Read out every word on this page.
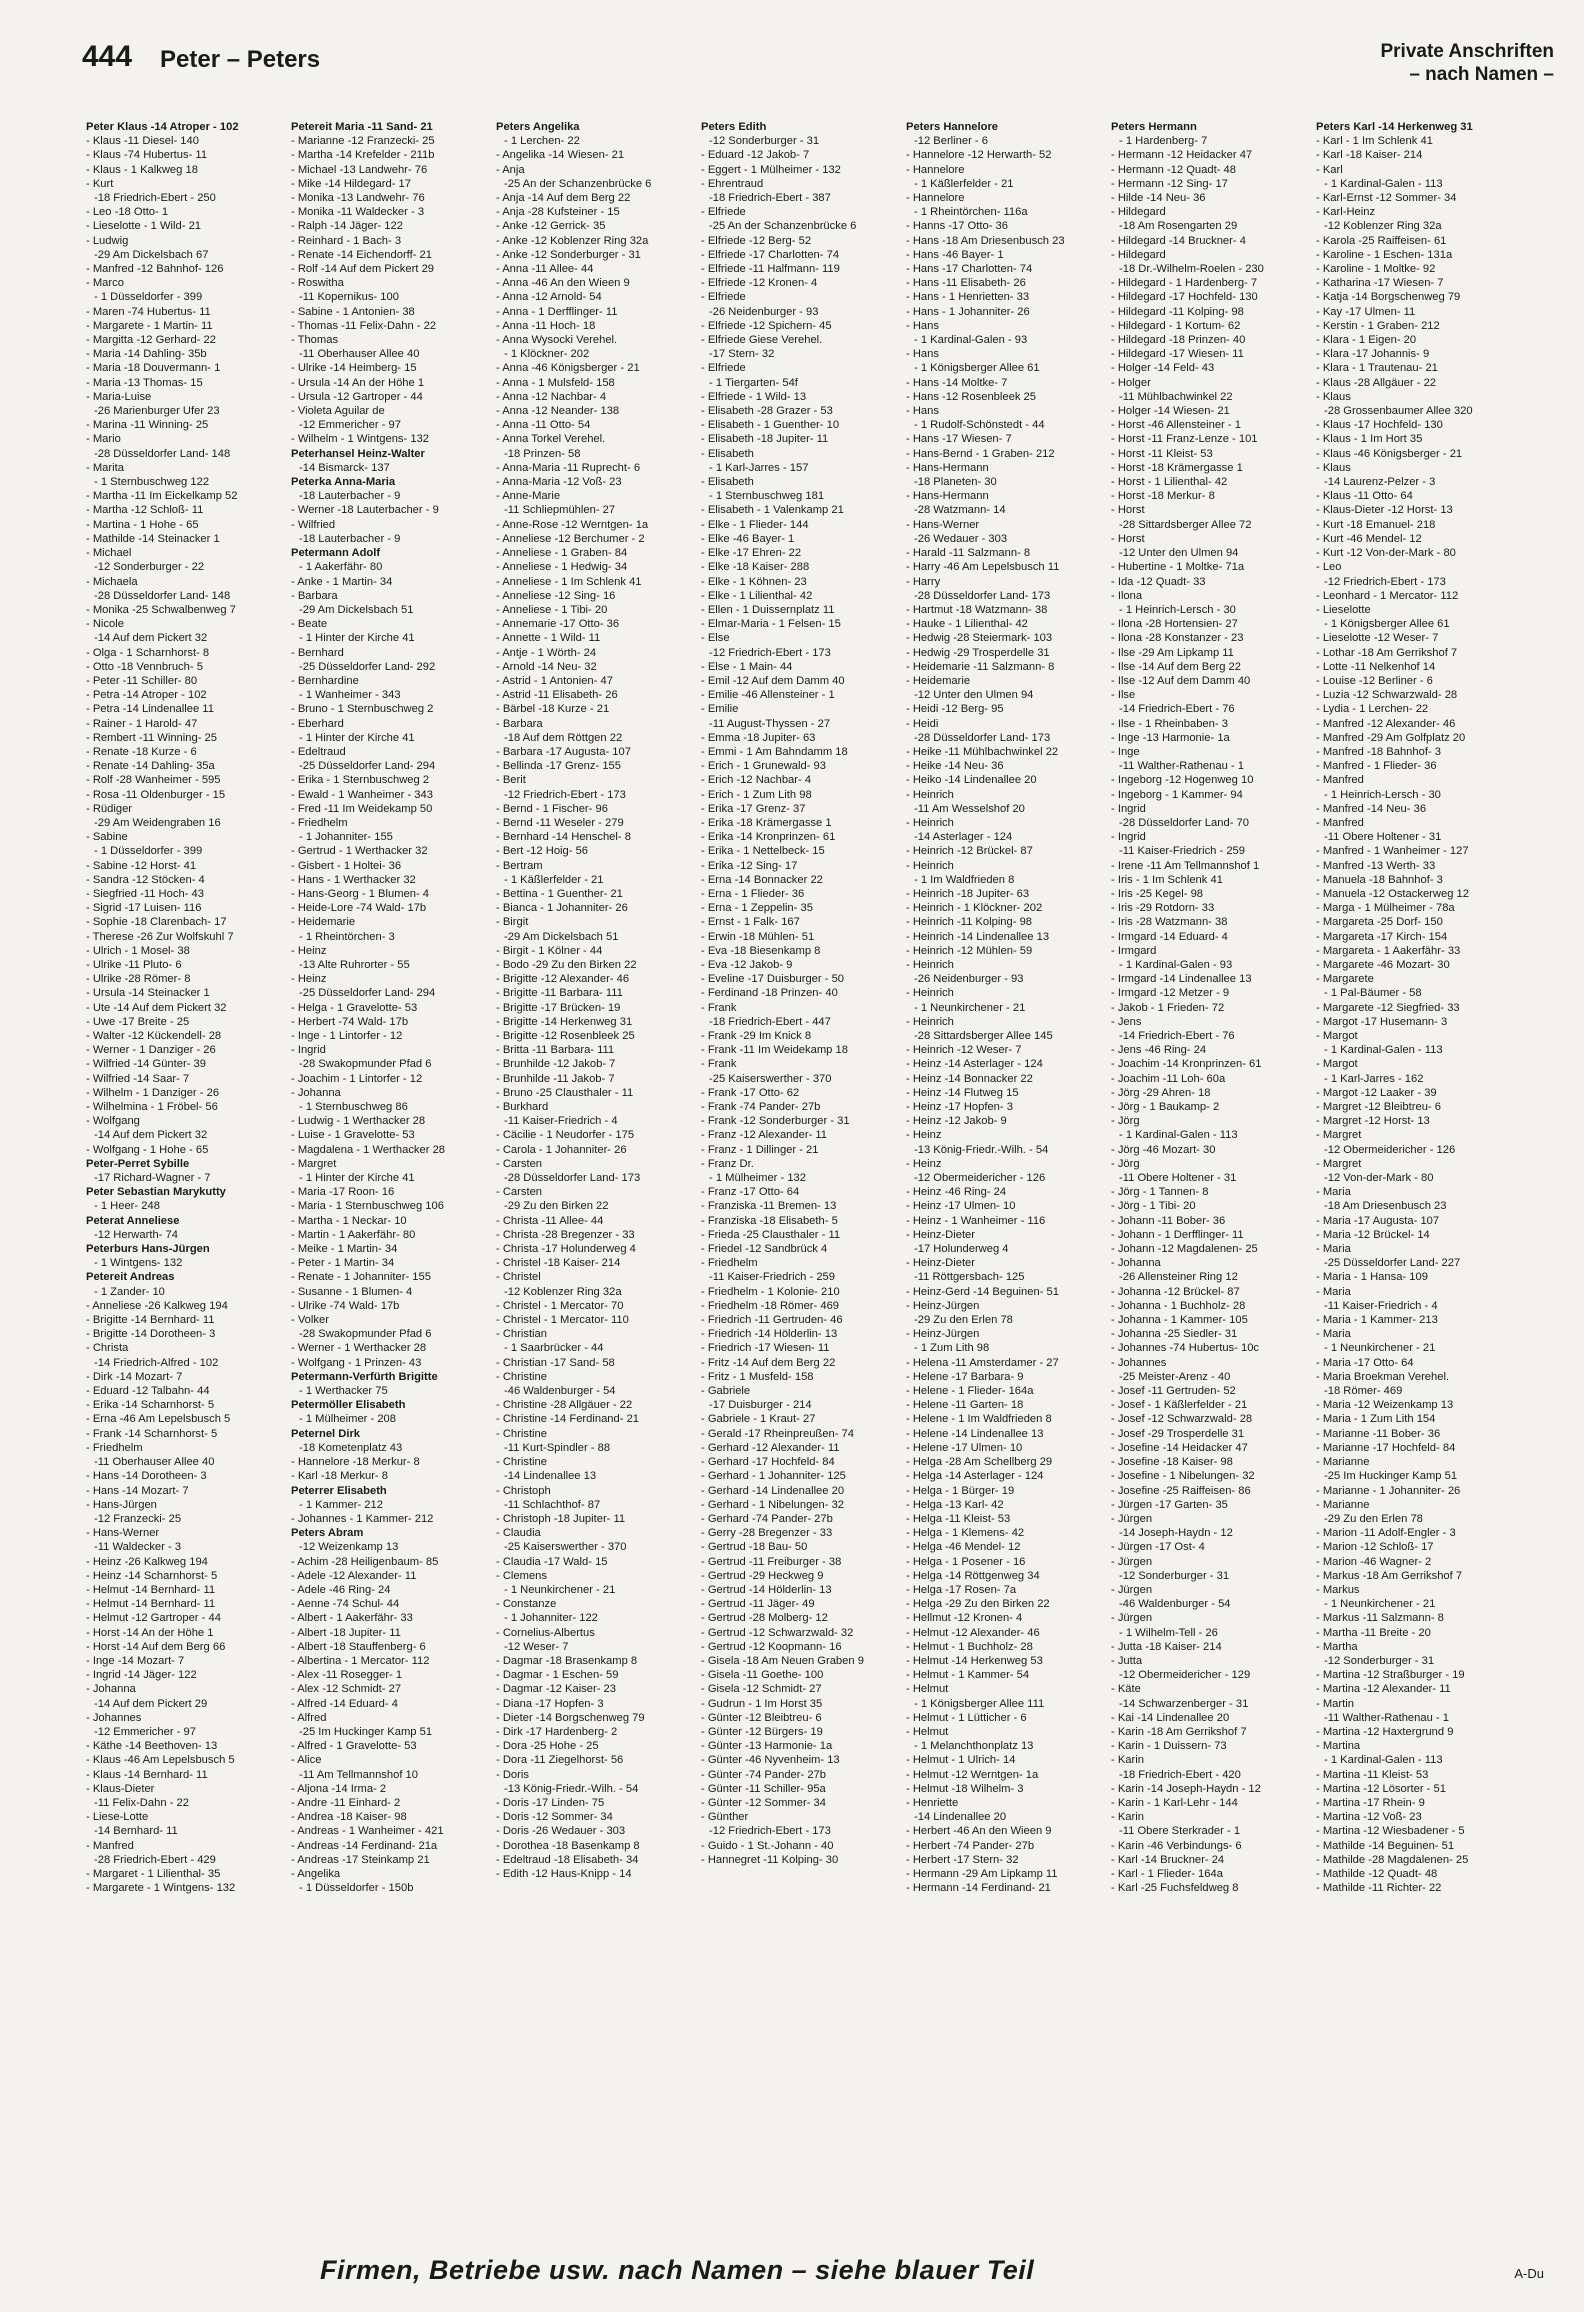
444 Peter – Peters	Private Anschriften
– nach Namen –
Peter Klaus -14 Atroper - 102
- Klaus -11 Diesel- 140
- Klaus -74 Hubertus- 11
- Klaus - 1 Kalkweg 18
- Kurt
-18 Friedrich-Ebert - 250
- Leo -18 Otto- 1
- Lieselotte - 1 Wild- 21
- Ludwig
-29 Am Dickelsbach 67
- Manfred -12 Bahnhof- 126
- Marco
- 1 Düsseldorfer - 399
- Maren -74 Hubertus- 11
- Margarete - 1 Martin- 11
- Margitta -12 Gerhard- 22
- Maria -14 Dahling- 35b
- Maria -18 Douvermann- 1
- Maria -13 Thomas- 15
- Maria-Luise
-26 Marienburger Ufer 23
- Marina -11 Winning- 25
- Mario
-28 Düsseldorfer Land- 148
- Marita
- 1 Sternbuschweg 122
- Martha -11 Im Eickelkamp 52
- Martha -12 Schloß- 11
- Martina - 1 Hohe - 65
- Mathilde -14 Steinacker 1
- Michael
-12 Sonderburger - 22
- Michaela
-28 Düsseldorfer Land- 148
- Monika -25 Schwalbenweg 7
- Nicole
-14 Auf dem Pickert 32
- Olga - 1 Scharnhorst- 8
- Otto -18 Vennbruch- 5
- Peter -11 Schiller- 80
- Petra -14 Atroper - 102
- Petra -14 Lindenallee 11
- Rainer - 1 Harold- 47
- Rembert -11 Winning- 25
- Renate -18 Kurze - 6
- Renate -14 Dahling- 35a
- Rolf -28 Wanheimer - 595
- Rosa -11 Oldenburger - 15
- Rüdiger
-29 Am Weidengraben 16
- Sabine
- 1 Düsseldorfer - 399
- Sabine -12 Horst- 41
- Sandra -12 Stöcken- 4
- Siegfried -11 Hoch- 43
- Sigrid -17 Luisen- 116
- Sophie -18 Clarenbach- 17
- Therese -26 Zur Wolfskuhl 7
- Ulrich - 1 Mosel- 38
- Ulrike -11 Pluto- 6
- Ulrike -28 Römer- 8
- Ursula -14 Steinacker 1
- Ute -14 Auf dem Pickert 32
- Uwe -17 Breite - 25
- Walter -12 Kückendell- 28
- Werner - 1 Danziger - 26
- Wilfried -14 Günter- 39
- Wilfried -14 Saar- 7
- Wilhelm - 1 Danziger - 26
- Wilhelmina - 1 Fröbel- 56
- Wolfgang
-14 Auf dem Pickert 32
- Wolfgang - 1 Hohe - 65
Peter-Perret Sybille
-17 Richard-Wagner - 7
Peter Sebastian Marykutty
- 1 Heer- 248
Peterat Anneliese
-12 Herwarth- 74
Peterburs Hans-Jürgen
- 1 Wintgens- 132
Petereit Andreas
- 1 Zander- 10
- Anneliese -26 Kalkweg 194
- Brigitte -14 Bernhard- 11
- Brigitte -14 Dorotheen- 3
- Christa
-14 Friedrich-Alfred - 102
- Dirk -14 Mozart- 7
- Eduard -12 Talbahn- 44
- Erika -14 Scharnhorst- 5
- Erna -46 Am Lepelsbusch 5
- Frank -14 Scharnhorst- 5
- Friedhelm
-11 Oberhauser Allee 40
- Hans -14 Dorotheen- 3
- Hans -14 Mozart- 7
- Hans-Jürgen
-12 Franzecki- 25
- Hans-Werner
-11 Waldecker - 3
- Heinz -26 Kalkweg 194
- Heinz -14 Scharnhorst- 5
- Helmut -14 Bernhard- 11
- Helmut -14 Bernhard- 11
- Helmut -12 Gartroper - 44
- Horst -14 An der Höhe 1
- Horst -14 Auf dem Berg 66
- Inge -14 Mozart- 7
- Ingrid -14 Jäger- 122
- Johanna
-14 Auf dem Pickert 29
- Johannes
-12 Emmericher - 97
- Käthe -14 Beethoven- 13
- Klaus -46 Am Lepelsbusch 5
- Klaus -14 Bernhard- 11
- Klaus-Dieter
-11 Felix-Dahn - 22
- Liese-Lotte
-14 Bernhard- 11
- Manfred
-28 Friedrich-Ebert - 429
- Margaret - 1 Lilienthal- 35
- Margarete - 1 Wintgens- 132
Petereit Maria -11 Sand- 21
- Marianne -12 Franzecki- 25
- Martha -14 Krefelder - 211b
- Michael -13 Landwehr- 76
- Mike -14 Hildegard- 17
- Monika -13 Landwehr- 76
- Monika -11 Waldecker - 3
- Ralph -14 Jäger- 122
- Reinhard - 1 Bach- 3
- Renate -14 Eichendorff- 21
- Rolf -14 Auf dem Pickert 29
- Roswitha
-11 Kopernikus- 100
- Sabine - 1 Antonien- 38
- Thomas -11 Felix-Dahn - 22
- Thomas
-11 Oberhauser Allee 40
- Ulrike -14 Heimberg- 15
- Ursula -14 An der Höhe 1
- Ursula -12 Gartroper - 44
- Violeta Aguilar de
-12 Emmericher - 97
- Wilhelm - 1 Wintgens- 132
Peterhansel Heinz-Walter
-14 Bismarck- 137
Peterka Anna-Maria
-18 Lauterbacher - 9
- Werner -18 Lauterbacher - 9
- Wilfried
-18 Lauterbacher - 9
Petermann Adolf
- 1 Aakerfähr- 80
- Anke - 1 Martin- 34
- Barbara
-29 Am Dickelsbach 51
- Beate
- 1 Hinter der Kirche 41
- Bernhard
-25 Düsseldorfer Land- 292
- Bernhardine
- 1 Wanheimer - 343
- Bruno - 1 Sternbuschweg 2
- Eberhard
- 1 Hinter der Kirche 41
- Edeltraud
-25 Düsseldorfer Land- 294
- Erika - 1 Sternbuschweg 2
- Ewald - 1 Wanheimer - 343
- Fred -11 Im Weidekamp 50
- Friedhelm
- 1 Johanniter- 155
- Gertrud - 1 Werthacker 32
- Gisbert - 1 Holtei- 36
- Hans - 1 Werthacker 32
- Hans-Georg - 1 Blumen- 4
- Heide-Lore -74 Wald- 17b
- Heidemarie
- 1 Rheintörchen- 3
- Heinz
-13 Alte Ruhrorter - 55
- Heinz
-25 Düsseldorfer Land- 294
- Helga - 1 Gravelotte- 53
- Herbert -74 Wald- 17b
- Inge - 1 Lintorfer - 12
- Ingrid
-28 Swakopmunder Pfad 6
- Joachim - 1 Lintorfer - 12
- Johanna
- 1 Sternbuschweg 86
- Ludwig - 1 Werthacker 28
- Luise - 1 Gravelotte- 53
- Magdalena - 1 Werthacker 28
- Margret
- 1 Hinter der Kirche 41
- Maria -17 Roon- 16
- Maria - 1 Sternbuschweg 106
- Martha - 1 Neckar- 10
- Martin - 1 Aakerfähr- 80
- Meike - 1 Martin- 34
- Peter - 1 Martin- 34
- Renate - 1 Johanniter- 155
- Susanne - 1 Blumen- 4
- Ulrike -74 Wald- 17b
- Volker
-28 Swakopmunder Pfad 6
- Werner - 1 Werthacker 28
- Wolfgang - 1 Prinzen- 43
Petermann-Verfürth Brigitte
- 1 Werthacker 75
Petermöller Elisabeth
- 1 Mülheimer - 208
Peternel Dirk
-18 Kometenplatz 43
- Hannelore -18 Merkur- 8
- Karl -18 Merkur- 8
Peterrer Elisabeth
- 1 Kammer- 212
- Johannes - 1 Kammer- 212
Peters Abram
-12 Weizenkamp 13
- Achim -28 Heiligenbaum- 85
- Adele -12 Alexander- 11
- Adele -46 Ring- 24
- Aenne -74 Schul- 44
- Albert - 1 Aakerfähr- 33
- Albert -18 Jupiter- 11
- Albert -18 Stauffenberg- 6
- Albertina - 1 Mercator- 112
- Alex -11 Rosegger- 1
- Alex -12 Schmidt- 27
- Alfred -14 Eduard- 4
- Alfred
-25 Im Huckinger Kamp 51
- Alfred - 1 Gravelotte- 53
- Alice
-11 Am Tellmannshof 10
- Aljona -14 Irma- 2
- Andre -11 Einhard- 2
- Andrea -18 Kaiser- 98
- Andreas - 1 Wanheimer - 421
- Andreas -14 Ferdinand- 21a
- Andreas -17 Steinkamp 21
- Angelika
- 1 Düsseldorfer - 150b
Peters Angelika
- 1 Lerchen- 22
- Angelika -14 Wiesen- 21
- Anja
-25 An der Schanzenbrücke 6
- Anja -14 Auf dem Berg 22
- Anja -28 Kufsteiner - 15
- Anke -12 Gerrick- 35
- Anke -12 Koblenzer Ring 32a
- Anke -12 Sonderburger - 31
- Anna -11 Allee- 44
- Anna -46 An den Wieen 9
- Anna -12 Arnold- 54
- Anna - 1 Derfflinger- 11
- Anna -11 Hoch- 18
- Anna Wysocki Verehel.
- 1 Klöckner- 202
- Anna -46 Königsberger - 21
- Anna - 1 Mulsfeld- 158
- Anna -12 Nachbar- 4
- Anna -12 Neander- 138
- Anna -11 Otto- 54
- Anna Torkel Verehel.
-18 Prinzen- 58
- Anna-Maria -11 Ruprecht- 6
- Anna-Maria -12 Voß- 23
- Anne-Marie
-11 Schliepmühlen- 27
- Anne-Rose -12 Werntgen- 1a
- Anneliese -12 Berchumer - 2
- Anneliese - 1 Graben- 84
- Anneliese - 1 Hedwig- 34
- Anneliese - 1 Im Schlenk 41
- Anneliese -12 Sing- 16
- Anneliese - 1 Tibi- 20
- Annemarie -17 Otto- 36
- Annette - 1 Wild- 11
- Antje - 1 Wörth- 24
- Arnold -14 Neu- 32
- Astrid - 1 Antonien- 47
- Astrid -11 Elisabeth- 26
- Bärbel -18 Kurze - 21
- Barbara
-18 Auf dem Röttgen 22
- Barbara -17 Augusta- 107
- Bellinda -17 Grenz- 155
- Berit
-12 Friedrich-Ebert - 173
- Bernd - 1 Fischer- 96
- Bernd -11 Weseler - 279
- Bernhard -14 Henschel- 8
- Bert -12 Hoig- 56
- Bertram
- 1 Käßlerfelder - 21
- Bettina - 1 Guenther- 21
- Bianca - 1 Johanniter- 26
- Birgit
-29 Am Dickelsbach 51
- Birgit - 1 Kölner - 44
- Bodo -29 Zu den Birken 22
- Brigitte -12 Alexander- 46
- Brigitte -11 Barbara- 111
- Brigitte -17 Brücken- 19
- Brigitte -14 Herkenweg 31
- Brigitte -12 Rosenbleek 25
- Britta -11 Barbara- 111
- Brunhilde -12 Jakob- 7
- Brunhilde -11 Jakob- 7
- Bruno -25 Clausthaler - 11
- Burkhard
-11 Kaiser-Friedrich - 4
- Cäcilie - 1 Neudorfer - 175
- Carola - 1 Johanniter- 26
- Carsten
-28 Düsseldorfer Land- 173
- Carsten
-29 Zu den Birken 22
- Christa -11 Allee- 44
- Christa -28 Bregenzer - 33
- Christa -17 Holunderweg 4
- Christel -18 Kaiser- 214
- Christel
-12 Koblenzer Ring 32a
- Christel - 1 Mercator- 70
- Christel - 1 Mercator- 110
- Christian
- 1 Saarbrücker - 44
- Christian -17 Sand- 58
- Christine
-46 Waldenburger - 54
- Christine -28 Allgäuer - 22
- Christine -14 Ferdinand- 21
- Christine
-11 Kurt-Spindler - 88
- Christine
-14 Lindenallee 13
- Christoph
-11 Schlachthof- 87
- Christoph -18 Jupiter- 11
- Claudia
-25 Kaiserswerther - 370
- Claudia -17 Wald- 15
- Clemens
- 1 Neunkirchener - 21
- Constanze
- 1 Johanniter- 122
- Cornelius-Albertus
-12 Weser- 7
- Dagmar -18 Brasenkamp 8
- Dagmar - 1 Eschen- 59
- Dagmar -12 Kaiser- 23
- Diana -17 Hopfen- 3
- Dieter -14 Borgschenweg 79
- Dirk -17 Hardenberg- 2
- Dora -25 Hohe - 25
- Dora -11 Ziegelhorst- 56
- Doris
-13 König-Friedr.-Wilh. - 54
- Doris -17 Linden- 75
- Doris -12 Sommer- 34
- Doris -26 Wedauer - 303
- Dorothea -18 Basenkamp 8
- Edeltraud -18 Elisabeth- 34
- Edith -12 Haus-Knipp - 14
Peters Edith
-12 Sonderburger - 31
- Eduard -12 Jakob- 7
- Eggert - 1 Mülheimer - 132
- Ehrentraud
-18 Friedrich-Ebert - 387
- Elfriede
-25 An der Schanzenbrücke 6
- Elfriede -12 Berg- 52
- Elfriede -17 Charlotten- 74
- Elfriede -11 Halfmann- 119
- Elfriede -12 Kronen- 4
- Elfriede
-26 Neidenburger - 93
- Elfriede -12 Spichern- 45
- Elfriede Giese Verehel.
-17 Stern- 32
- Elfriede
- 1 Tiergarten- 54f
- Elfriede - 1 Wild- 13
- Elisabeth -28 Grazer - 53
- Elisabeth - 1 Guenther- 10
- Elisabeth -18 Jupiter- 11
- Elisabeth
- 1 Karl-Jarres - 157
- Elisabeth
- 1 Sternbuschweg 181
- Elisabeth - 1 Valenkamp 21
- Elke - 1 Flieder- 144
- Elke -46 Bayer- 1
- Elke -17 Ehren- 22
- Elke -18 Kaiser- 288
- Elke - 1 Köhnen- 23
- Elke - 1 Lilienthal- 42
- Ellen - 1 Duissernplatz 11
- Elmar-Maria - 1 Felsen- 15
- Else
-12 Friedrich-Ebert - 173
- Else - 1 Main- 44
- Emil -12 Auf dem Damm 40
- Emilie -46 Allensteiner - 1
- Emilie
-11 August-Thyssen - 27
- Emma -18 Jupiter- 63
- Emmi - 1 Am Bahndamm 18
- Erich - 1 Grunewald- 93
- Erich -12 Nachbar- 4
- Erich - 1 Zum Lith 98
- Erika -17 Grenz- 37
- Erika -18 Krämergasse 1
- Erika -14 Kronprinzen- 61
- Erika - 1 Nettelbeck- 15
- Erika -12 Sing- 17
- Erna -14 Bonnacker 22
- Erna - 1 Flieder- 36
- Erna - 1 Zeppelin- 35
- Ernst - 1 Falk- 167
- Erwin -18 Mühlen- 51
- Eva -18 Biesenkamp 8
- Eva -12 Jakob- 9
- Eveline -17 Duisburger - 50
- Ferdinand -18 Prinzen- 40
- Frank
-18 Friedrich-Ebert - 447
- Frank -29 Im Knick 8
- Frank -11 Im Weidekamp 18
- Frank
-25 Kaiserswerther - 370
- Frank -17 Otto- 62
- Frank -74 Pander- 27b
- Frank -12 Sonderburger - 31
- Franz -12 Alexander- 11
- Franz - 1 Dillinger - 21
- Franz Dr.
- 1 Mülheimer - 132
- Franz -17 Otto- 64
- Franziska -11 Bremen- 13
- Franziska -18 Elisabeth- 5
- Frieda -25 Clausthaler - 11
- Friedel -12 Sandbrück 4
- Friedhelm
-11 Kaiser-Friedrich - 259
- Friedhelm - 1 Kolonie- 210
- Friedhelm -18 Römer- 469
- Friedrich -11 Gertruden- 46
- Friedrich -14 Hölderlin- 13
- Friedrich -17 Wiesen- 11
- Fritz -14 Auf dem Berg 22
- Fritz - 1 Musfeld- 158
- Gabriele
-17 Duisburger - 214
- Gabriele - 1 Kraut- 27
- Gerald -17 Rheinpreußen- 74
- Gerhard -12 Alexander- 11
- Gerhard -17 Hochfeld- 84
- Gerhard - 1 Johanniter- 125
- Gerhard -14 Lindenallee 20
- Gerhard - 1 Nibelungen- 32
- Gerhard -74 Pander- 27b
- Gerry -28 Bregenzer - 33
- Gertrud -18 Bau- 50
- Gertrud -11 Freiburger - 38
- Gertrud -29 Heckweg 9
- Gertrud -14 Hölderlin- 13
- Gertrud -11 Jäger- 49
- Gertrud -28 Molberg- 12
- Gertrud -12 Schwarzwald- 32
- Gertrud -12 Koopmann- 16
- Gisela -18 Am Neuen Graben 9
- Gisela -11 Goethe- 100
- Gisela -12 Schmidt- 27
- Gudrun - 1 Im Horst 35
- Günter -12 Bleibtreu- 6
- Günter -12 Bürgers- 19
- Günter -13 Harmonie- 1a
- Günter -46 Nyvenheim- 13
- Günter -74 Pander- 27b
- Günter -11 Schiller- 95a
- Günter -12 Sommer- 34
- Günther
-12 Friedrich-Ebert - 173
- Guido - 1 St.-Johann - 40
- Hannegret -11 Kolping- 30
Peters Hannelore
-12 Berliner - 6
- Hannelore -12 Herwarth- 52
- Hannelore
- 1 Käßlerfelder - 21
- Hannelore
- 1 Rheintörchen- 116a
- Hanns -17 Otto- 36
- Hans -18 Am Driesenbusch 23
- Hans -46 Bayer- 1
- Hans -17 Charlotten- 74
- Hans -11 Elisabeth- 26
- Hans - 1 Henrietten- 33
- Hans - 1 Johanniter- 26
- Hans
- 1 Kardinal-Galen - 93
- Hans
- 1 Königsberger Allee 61
- Hans -14 Moltke- 7
- Hans -12 Rosenbleek 25
- Hans
- 1 Rudolf-Schönstedt - 44
- Hans -17 Wiesen- 7
- Hans-Bernd - 1 Graben- 212
- Hans-Hermann
-18 Planeten- 30
- Hans-Hermann
-28 Watzmann- 14
- Hans-Werner
-26 Wedauer - 303
- Harald -11 Salzmann- 8
- Harry -46 Am Lepelsbusch 11
- Harry
-28 Düsseldorfer Land- 173
- Hartmut -18 Watzmann- 38
- Hauke - 1 Lilienthal- 42
- Hedwig -28 Steiermark- 103
- Hedwig -29 Trosperdelle 31
- Heidemarie -11 Salzmann- 8
- Heidemarie
-12 Unter den Ulmen 94
- Heidi -12 Berg- 95
- Heidi
-28 Düsseldorfer Land- 173
- Heike -11 Mühlbachwinkel 22
- Heike -14 Neu- 36
- Heiko -14 Lindenallee 20
- Heinrich
-11 Am Wesselshof 20
- Heinrich
-14 Asterlager - 124
- Heinrich -12 Brückel- 87
- Heinrich
- 1 Im Waldfrieden 8
- Heinrich -18 Jupiter- 63
- Heinrich - 1 Klöckner- 202
- Heinrich -11 Kolping- 98
- Heinrich -14 Lindenallee 13
- Heinrich -12 Mühlen- 59
- Heinrich
-26 Neidenburger - 93
- Heinrich
- 1 Neunkirchener - 21
- Heinrich
-28 Sittardsberger Allee 145
- Heinrich -12 Weser- 7
- Heinz -14 Asterlager - 124
- Heinz -14 Bonnacker 22
- Heinz -14 Flutweg 15
- Heinz -17 Hopfen- 3
- Heinz -12 Jakob- 9
- Heinz
-13 König-Friedr.-Wilh. - 54
- Heinz
-12 Obermeidericher - 126
- Heinz -46 Ring- 24
- Heinz -17 Ulmen- 10
- Heinz - 1 Wanheimer - 116
- Heinz-Dieter
-17 Holunderweg 4
- Heinz-Dieter
-11 Röttgersbach- 125
- Heinz-Gerd -14 Beguinen- 51
- Heinz-Jürgen
-29 Zu den Erlen 78
- Heinz-Jürgen
- 1 Zum Lith 98
- Helena -11 Amsterdamer - 27
- Helene -17 Barbara- 9
- Helene - 1 Flieder- 164a
- Helene -11 Garten- 18
- Helene - 1 Im Waldfrieden 8
- Helene -14 Lindenallee 13
- Helene -17 Ulmen- 10
- Helga -28 Am Schellberg 29
- Helga -14 Asterlager - 124
- Helga - 1 Bürger- 19
- Helga -13 Karl- 42
- Helga -11 Kleist- 53
- Helga - 1 Klemens- 42
- Helga -46 Mendel- 12
- Helga - 1 Posener - 16
- Helga -14 Röttgenweg 34
- Helga -17 Rosen- 7a
- Helga -29 Zu den Birken 22
- Hellmut -12 Kronen- 4
- Helmut -12 Alexander- 46
- Helmut - 1 Buchholz- 28
- Helmut -14 Herkenweg 53
- Helmut - 1 Kammer- 54
- Helmut
- 1 Königsberger Allee 111
- Helmut - 1 Lütticher - 6
- Helmut
- 1 Melanchthonplatz 13
- Helmut - 1 Ulrich- 14
- Helmut -12 Werntgen- 1a
- Helmut -18 Wilhelm- 3
- Henriette
-14 Lindenallee 20
- Herbert -46 An den Wieen 9
- Herbert -74 Pander- 27b
- Herbert -17 Stern- 32
- Hermann -29 Am Lipkamp 11
- Hermann -14 Ferdinand- 21
Peters Hermann
- 1 Hardenberg- 7
- Hermann -12 Heidacker 47
- Hermann -12 Quadt- 48
- Hermann -12 Sing- 17
- Hilde -14 Neu- 36
- Hildegard
-18 Am Rosengarten 29
- Hildegard -14 Bruckner- 4
- Hildegard
-18 Dr.-Wilhelm-Roelen - 230
- Hildegard - 1 Hardenberg- 7
- Hildegard -17 Hochfeld- 130
- Hildegard -11 Kolping- 98
- Hildegard - 1 Kortum- 62
- Hildegard -18 Prinzen- 40
- Hildegard -17 Wiesen- 11
- Holger -14 Feld- 43
- Holger
-11 Mühlbachwinkel 22
- Holger -14 Wiesen- 21
- Horst -46 Allensteiner - 1
- Horst -11 Franz-Lenze - 101
- Horst -11 Kleist- 53
- Horst -18 Krämergasse 1
- Horst - 1 Lilienthal- 42
- Horst -18 Merkur- 8
- Horst
-28 Sittardsberger Allee 72
- Horst
-12 Unter den Ulmen 94
- Hubertine - 1 Moltke- 71a
- Ida -12 Quadt- 33
- Ilona
- 1 Heinrich-Lersch - 30
- Ilona -28 Hortensien- 27
- Ilona -28 Konstanzer - 23
- Ilse -29 Am Lipkamp 11
- Ilse -14 Auf dem Berg 22
- Ilse -12 Auf dem Damm 40
- Ilse
-14 Friedrich-Ebert - 76
- Ilse - 1 Rheinbaben- 3
- Inge -13 Harmonie- 1a
- Inge
-11 Walther-Rathenau - 1
- Ingeborg -12 Hogenweg 10
- Ingeborg - 1 Kammer- 94
- Ingrid
-28 Düsseldorfer Land- 70
- Ingrid
-11 Kaiser-Friedrich - 259
- Irene -11 Am Tellmannshof 1
- Iris - 1 Im Schlenk 41
- Iris -25 Kegel- 98
- Iris -29 Rotdorn- 33
- Iris -28 Watzmann- 38
- Irmgard -14 Eduard- 4
- Irmgard
- 1 Kardinal-Galen - 93
- Irmgard -14 Lindenallee 13
- Irmgard -12 Metzer - 9
- Jakob - 1 Frieden- 72
- Jens
-14 Friedrich-Ebert - 76
- Jens -46 Ring- 24
- Joachim -14 Kronprinzen- 61
- Joachim -11 Loh- 60a
- Jörg -29 Ahren- 18
- Jörg - 1 Baukamp- 2
- Jörg
- 1 Kardinal-Galen - 113
- Jörg -46 Mozart- 30
- Jörg
-11 Obere Holtener - 31
- Jörg - 1 Tannen- 8
- Jörg - 1 Tibi- 20
- Johann -11 Bober- 36
- Johann - 1 Derfflinger- 11
- Johann -12 Magdalenen- 25
- Johanna
-26 Allensteiner Ring 12
- Johanna -12 Brückel- 87
- Johanna - 1 Buchholz- 28
- Johanna - 1 Kammer- 105
- Johanna -25 Siedler- 31
- Johannes -74 Hubertus- 10c
- Johannes
-25 Meister-Arenz - 40
- Josef -11 Gertruden- 52
- Josef - 1 Käßlerfelder - 21
- Josef -12 Schwarzwald- 28
- Josef -29 Trosperdelle 31
- Josefine -14 Heidacker 47
- Josefine -18 Kaiser- 98
- Josefine - 1 Nibelungen- 32
- Josefine -25 Raiffeisen- 86
- Jürgen -17 Garten- 35
- Jürgen
-14 Joseph-Haydn - 12
- Jürgen -17 Ost- 4
- Jürgen
-12 Sonderburger - 31
- Jürgen
-46 Waldenburger - 54
- Jürgen
- 1 Wilhelm-Tell - 26
- Jutta -18 Kaiser- 214
- Jutta
-12 Obermeidericher - 129
- Käte
-14 Schwarzenberger - 31
- Kai -14 Lindenallee 20
- Karin -18 Am Gerrikshof 7
- Karin - 1 Duissern- 73
- Karin
-18 Friedrich-Ebert - 420
- Karin -14 Joseph-Haydn - 12
- Karin - 1 Karl-Lehr - 144
- Karin
-11 Obere Sterkrader - 1
- Karin -46 Verbindungs- 6
- Karl -14 Bruckner- 24
- Karl - 1 Flieder- 164a
- Karl -25 Fuchsfeldweg 8
Peters Karl -14 Herkenweg 31
- Karl - 1 Im Schlenk 41
- Karl -18 Kaiser- 214
- Karl
- 1 Kardinal-Galen - 113
- Karl-Ernst -12 Sommer- 34
- Karl-Heinz
-12 Koblenzer Ring 32a
- Karola -25 Raiffeisen- 61
- Karoline - 1 Eschen- 131a
- Karoline - 1 Moltke- 92
- Katharina -17 Wiesen- 7
- Katja -14 Borgschenweg 79
- Kay -17 Ulmen- 11
- Kerstin - 1 Graben- 212
- Klara - 1 Eigen- 20
- Klara -17 Johannis- 9
- Klara - 1 Trautenau- 21
- Klaus -28 Allgäuer - 22
- Klaus
-28 Grossenbaumer Allee 320
- Klaus -17 Hochfeld- 130
- Klaus - 1 Im Hort 35
- Klaus -46 Königsberger - 21
- Klaus
-14 Laurenz-Pelzer - 3
- Klaus -11 Otto- 64
- Klaus-Dieter -12 Horst- 13
- Kurt -18 Emanuel- 218
- Kurt -46 Mendel- 12
- Kurt -12 Von-der-Mark - 80
- Leo
-12 Friedrich-Ebert - 173
- Leonhard - 1 Mercator- 112
- Lieselotte
- 1 Königsberger Allee 61
- Lieselotte -12 Weser- 7
- Lothar -18 Am Gerrikshof 7
- Lotte -11 Nelkenhof 14
- Louise -12 Berliner - 6
- Luzia -12 Schwarzwald- 28
- Lydia - 1 Lerchen- 22
- Manfred -12 Alexander- 46
- Manfred -29 Am Golfplatz 20
- Manfred -18 Bahnhof- 3
- Manfred - 1 Flieder- 36
- Manfred
- 1 Heinrich-Lersch - 30
- Manfred -14 Neu- 36
- Manfred
-11 Obere Holtener - 31
- Manfred - 1 Wanheimer - 127
- Manfred -13 Werth- 33
- Manuela -18 Bahnhof- 3
- Manuela -12 Ostackerweg 12
- Marga - 1 Mülheimer - 78a
- Margareta -25 Dorf- 150
- Margareta -17 Kirch- 154
- Margareta - 1 Aakerfähr- 33
- Margarete -46 Mozart- 30
- Margarete
- 1 Pal-Bäumer - 58
- Margarete -12 Siegfried- 33
- Margot -17 Husemann- 3
- Margot
- 1 Kardinal-Galen - 113
- Margot
- 1 Karl-Jarres - 162
- Margot -12 Laaker - 39
- Margret -12 Bleibtreu- 6
- Margret -12 Horst- 13
- Margret
-12 Obermeidericher - 126
- Margret
-12 Von-der-Mark - 80
- Maria
-18 Am Driesenbusch 23
- Maria -17 Augusta- 107
- Maria -12 Brückel- 14
- Maria
-25 Düsseldorfer Land- 227
- Maria - 1 Hansa- 109
- Maria
-11 Kaiser-Friedrich - 4
- Maria - 1 Kammer- 213
- Maria
- 1 Neunkirchener - 21
- Maria -17 Otto- 64
- Maria Broekman Verehel.
-18 Römer- 469
- Maria -12 Weizenkamp 13
- Maria - 1 Zum Lith 154
- Marianne -11 Bober- 36
- Marianne -17 Hochfeld- 84
- Marianne
-25 Im Huckinger Kamp 51
- Marianne - 1 Johanniter- 26
- Marianne
-29 Zu den Erlen 78
- Marion -11 Adolf-Engler - 3
- Marion -12 Schloß- 17
- Marion -46 Wagner- 2
- Markus -18 Am Gerrikshof 7
- Markus
- 1 Neunkirchener - 21
- Markus -11 Salzmann- 8
- Martha -11 Breite - 20
- Martha
-12 Sonderburger - 31
- Martina -12 Straßburger - 19
- Martina -12 Alexander- 11
- Martin
-11 Walther-Rathenau - 1
- Martina -12 Haxtergrund 9
- Martina
- 1 Kardinal-Galen - 113
- Martina -11 Kleist- 53
- Martina -12 Lösorter - 51
- Martina -17 Rhein- 9
- Martina -12 Voß- 23
- Martina -12 Wiesbadener - 5
- Mathilde -14 Beguinen- 51
- Mathilde -28 Magdalenen- 25
- Mathilde -12 Quadt- 48
- Mathilde -11 Richter- 22
Firmen, Betriebe usw. nach Namen – siehe blauer Teil	A-Du
